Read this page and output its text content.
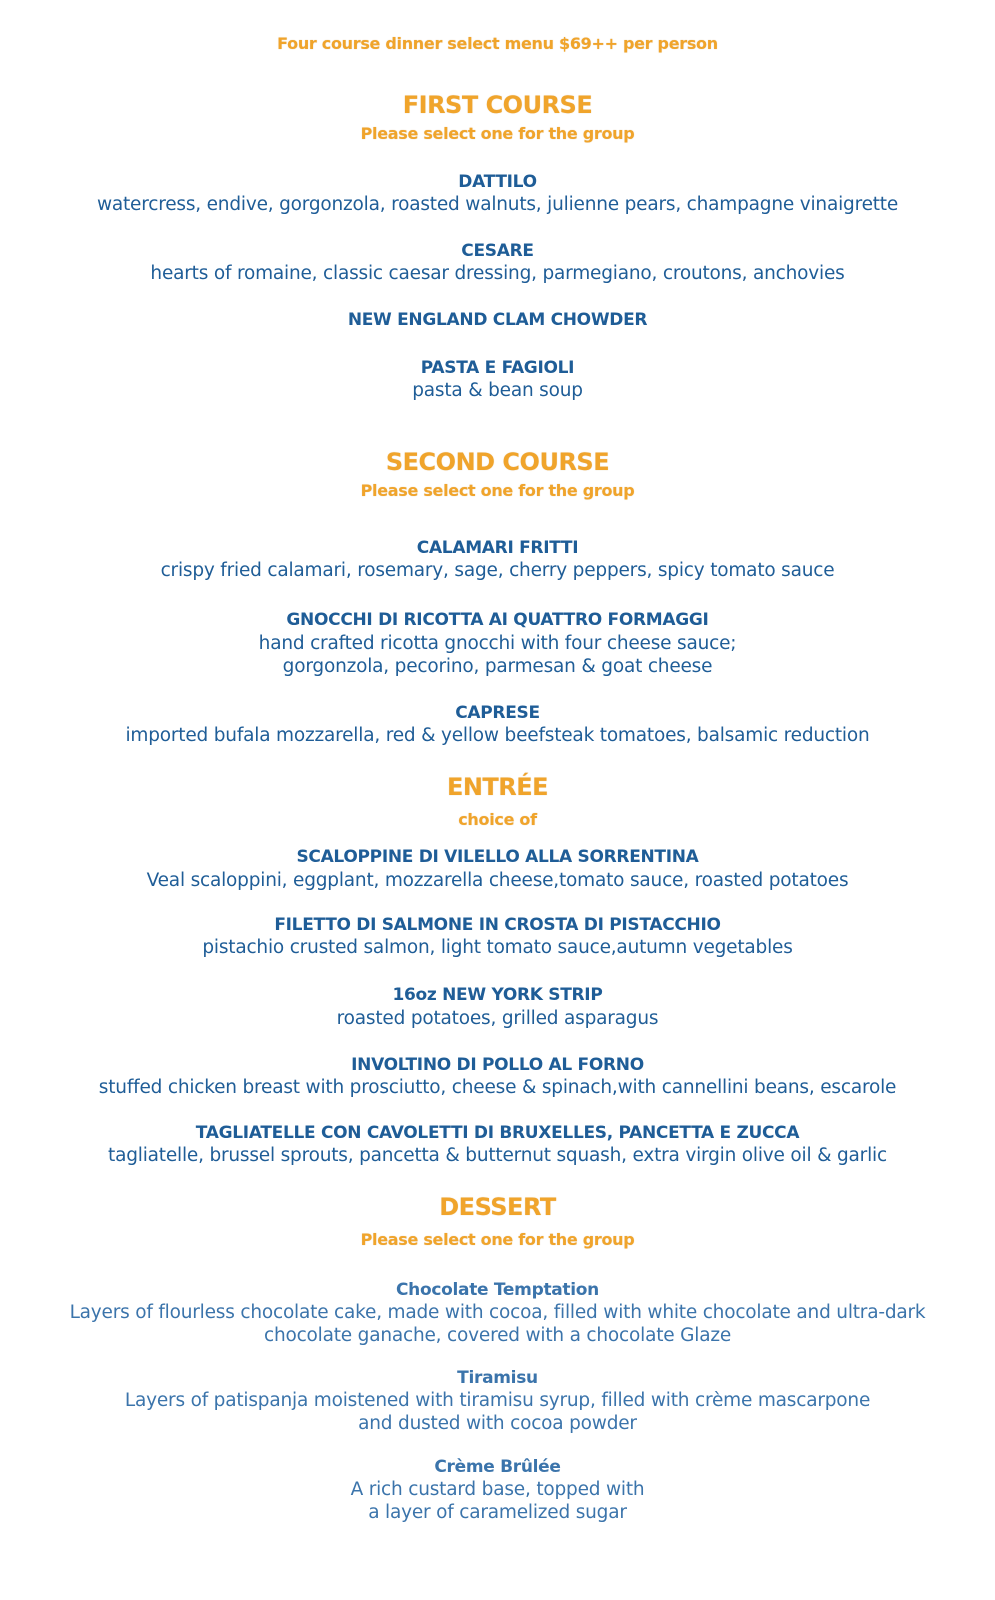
Four course dinner select menu $69++ per person
FIRST COURSE
Please select one for the group
DATTILO
watercress, endive, gorgonzola, roasted walnuts, julienne pears, champagne vinaigrette
CESARE
hearts of romaine, classic caesar dressing, parmegiano, croutons, anchovies
NEW ENGLAND CLAM CHOWDER
PASTA E FAGIOLI
pasta & bean soup
SECOND COURSE
Please select one for the group
CALAMARI FRITTI
crispy fried calamari, rosemary, sage, cherry peppers, spicy tomato sauce
GNOCCHI DI RICOTTA AI QUATTRO FORMAGGI
hand crafted ricotta gnocchi with four cheese sauce;
gorgonzola, pecorino, parmesan & goat cheese
CAPRESE
imported bufala mozzarella, red & yellow beefsteak tomatoes, balsamic reduction
ENTRÉE
choice of
SCALOPPINE DI VILELLO ALLA SORRENTINA
Veal scaloppini, eggplant, mozzarella cheese,tomato sauce, roasted potatoes
FILETTO DI SALMONE IN CROSTA DI PISTACCHIO
pistachio crusted salmon, light tomato sauce,autumn vegetables
16oz NEW YORK STRIP
roasted potatoes, grilled asparagus
INVOLTINO DI POLLO AL FORNO
stuffed chicken breast with prosciutto, cheese & spinach,with cannellini beans, escarole
TAGLIATELLE CON CAVOLETTI DI BRUXELLES, PANCETTA E ZUCCA
tagliatelle, brussel sprouts, pancetta & butternut squash, extra virgin olive oil & garlic
DESSERT
Please select one for the group
Chocolate Temptation
Layers of flourless chocolate cake, made with cocoa, filled with white chocolate and ultra-dark
chocolate ganache, covered with a chocolate Glaze
Tiramisu
Layers of patispanja moistened with tiramisu syrup, filled with crème mascarpone
and dusted with cocoa powder
Crème Brûlée
A rich custard base, topped with
a layer of caramelized sugar
